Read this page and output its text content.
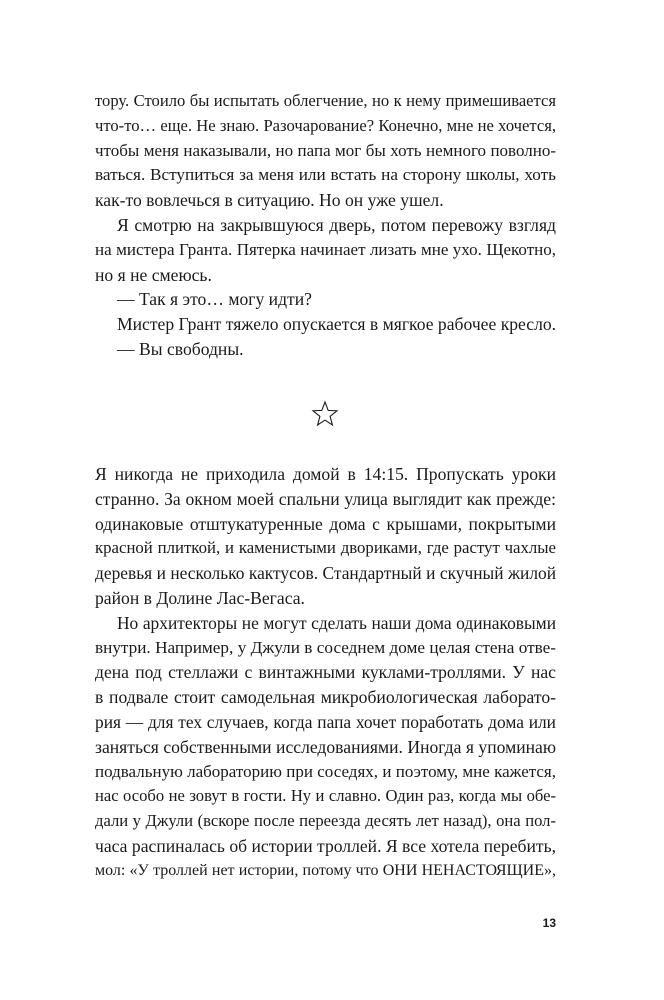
тору. Стоило бы испытать облегчение, но к нему примешивается
что-то… еще. Не знаю. Разочарование? Конечно, мне не хочется,
чтобы меня наказывали, но папа мог бы хоть немного поволно-
ваться. Вступиться за меня или встать на сторону школы, хоть
как-то вовлечься в ситуацию. Но он уже ушел.
Я смотрю на закрывшуюся дверь, потом перевожу взгляд
на мистера Гранта. Пятерка начинает лизать мне ухо. Щекотно,
но я не смеюсь.
— Так я это… могу идти?
Мистер Грант тяжело опускается в мягкое рабочее кресло.
— Вы свободны.
Я никогда не приходила домой в 14:15. Пропускать уроки
странно. За окном моей спальни улица выглядит как прежде:
одинаковые отштукатуренные дома с крышами, покрытыми
красной плиткой, и каменистыми двориками, где растут чахлые
деревья и несколько кактусов. Стандартный и скучный жилой
район в Долине Лас-Вегаса.
Но архитекторы не могут сделать наши дома одинаковыми
внутри. Например, у Джули в соседнем доме целая стена отве-
дена под стеллажи с винтажными куклами-троллями. У нас
в подвале стоит самодельная микробиологическая лаборато-
рия — для тех случаев, когда папа хочет поработать дома или
заняться собственными исследованиями. Иногда я упоминаю
подвальную лабораторию при соседях, и поэтому, мне кажется,
нас особо не зовут в гости. Ну и славно. Один раз, когда мы обе-
дали у Джули (вскоре после переезда десять лет назад), она пол-
часа распиналась об истории троллей. Я все хотела перебить,
мол: «У троллей нет истории, потому что ОНИ НЕНАСТОЯЩИЕ»,
13
